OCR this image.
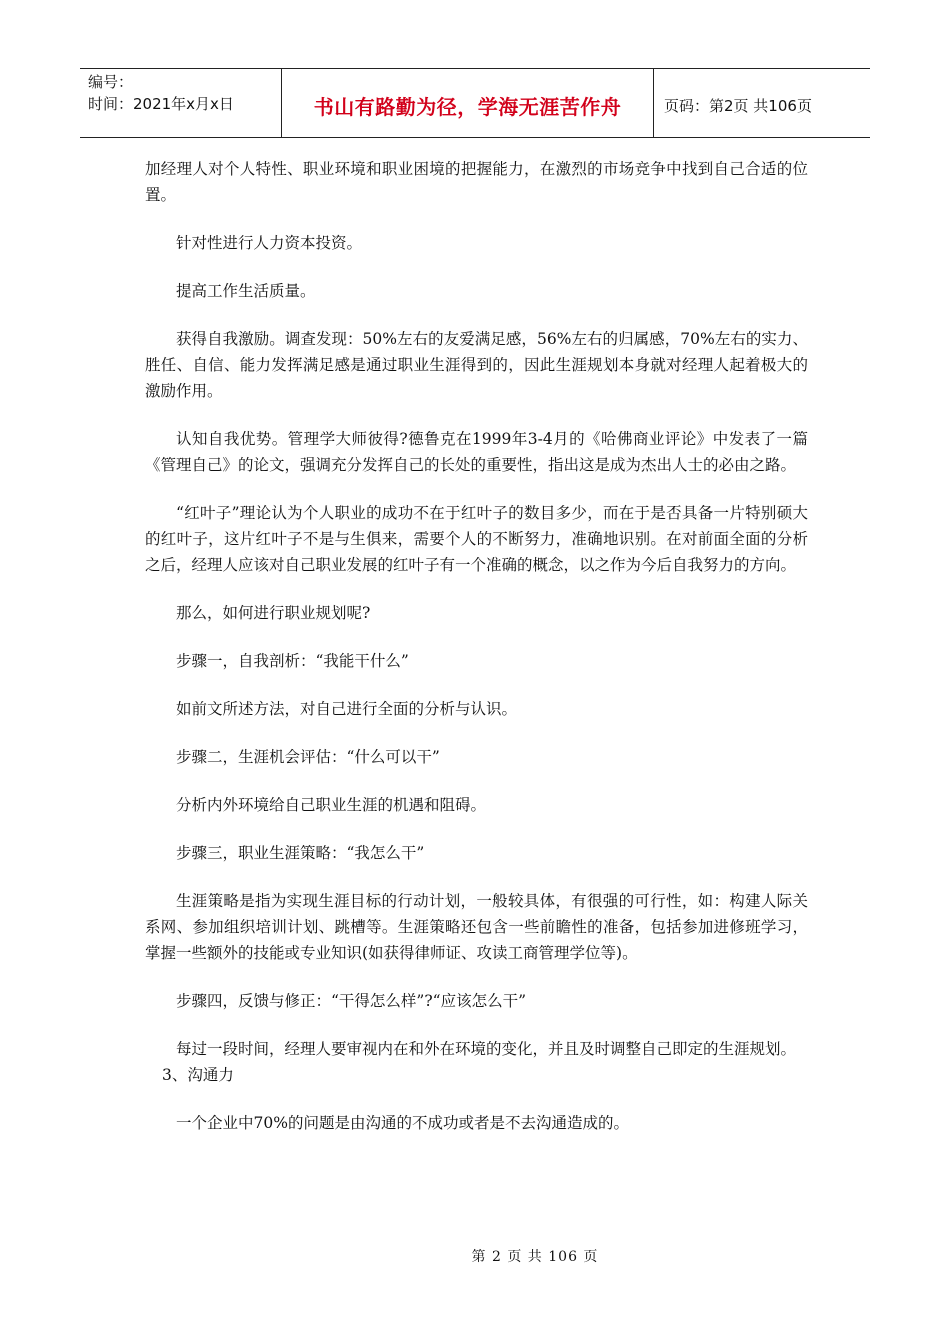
编号：
时间：2021年x月x日	书山有路勤为径，学海无涯苦作舟	页码：第2页 共106页

加经理人对个人特性、职业环境和职业困境的把握能力，在激烈的市场竞争中找到自己合适的位置。

针对性进行人力资本投资。

提高工作生活质量。

获得自我激励。调查发现：50%左右的友爱满足感，56%左右的归属感，70%左右的实力、胜任、自信、能力发挥满足感是通过职业生涯得到的，因此生涯规划本身就对经理人起着极大的激励作用。

认知自我优势。管理学大师彼得?德鲁克在1999年3-4月的《哈佛商业评论》中发表了一篇《管理自己》的论文，强调充分发挥自己的长处的重要性，指出这是成为杰出人士的必由之路。

“红叶子”理论认为个人职业的成功不在于红叶子的数目多少，而在于是否具备一片特别硕大的红叶子，这片红叶子不是与生俱来，需要个人的不断努力，准确地识别。在对前面全面的分析之后，经理人应该对自己职业发展的红叶子有一个准确的概念，以之作为今后自我努力的方向。

那么，如何进行职业规划呢?

步骤一，自我剖析：“我能干什么”

如前文所述方法，对自己进行全面的分析与认识。

步骤二，生涯机会评估：“什么可以干”

分析内外环境给自己职业生涯的机遇和阻碍。

步骤三，职业生涯策略：“我怎么干”

生涯策略是指为实现生涯目标的行动计划，一般较具体，有很强的可行性，如：构建人际关系网、参加组织培训计划、跳槽等。生涯策略还包含一些前瞻性的准备，包括参加进修班学习，掌握一些额外的技能或专业知识(如获得律师证、攻读工商管理学位等)。

步骤四，反馈与修正：“干得怎么样”?“应该怎么干”

每过一段时间，经理人要审视内在和外在环境的变化，并且及时调整自己即定的生涯规划。

3、沟通力

一个企业中70%的问题是由沟通的不成功或者是不去沟通造成的。

第 2 页 共 106 页
